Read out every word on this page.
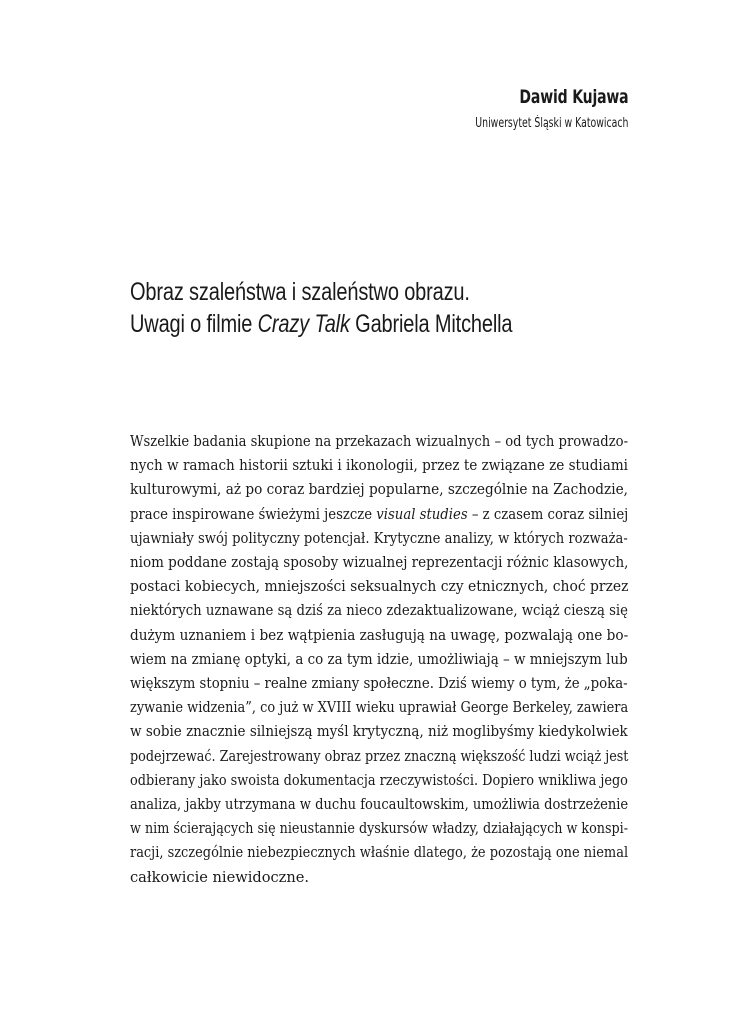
Dawid Kujawa

Uniwersytet Śląski w Katowicach

Obraz szaleństwa i szaleństwo obrazu.

Uwagi o filmie Crazy Talk Gabriela Mitchella

Wszelkie badania skupione na przekazach wizualnych – od tych prowadzo-
nych w ramach historii sztuki i ikonologii, przez te związane ze studiami
kulturowymi, aż po coraz bardziej popularne, szczególnie na Zachodzie,
prace inspirowane świeżymi jeszcze visual studies – z czasem coraz silniej
ujawniały swój polityczny potencjał. Krytyczne analizy, w których rozważa-
niom poddane zostają sposoby wizualnej reprezentacji różnic klasowych,
postaci kobiecych, mniejszości seksualnych czy etnicznych, choć przez
niektórych uznawane są dziś za nieco zdezaktualizowane, wciąż cieszą się
dużym uznaniem i bez wątpienia zasługują na uwagę, pozwalają one bo-
wiem na zmianę optyki, a co za tym idzie, umożliwiają – w mniejszym lub
większym stopniu – realne zmiany społeczne. Dziś wiemy o tym, że „poka-
zywanie widzenia”, co już w XVIII wieku uprawiał George Berkeley, zawiera
w sobie znacznie silniejszą myśl krytyczną, niż moglibyśmy kiedykolwiek
podejrzewać. Zarejestrowany obraz przez znaczną większość ludzi wciąż jest
odbierany jako swoista dokumentacja rzeczywistości. Dopiero wnikliwa jego
analiza, jakby utrzymana w duchu foucaultowskim, umożliwia dostrzeżenie
w nim ścierających się nieustannie dyskursów władzy, działających w konspi-
racji, szczególnie niebezpiecznych właśnie dlatego, że pozostają one niemal
całkowicie niewidoczne.
